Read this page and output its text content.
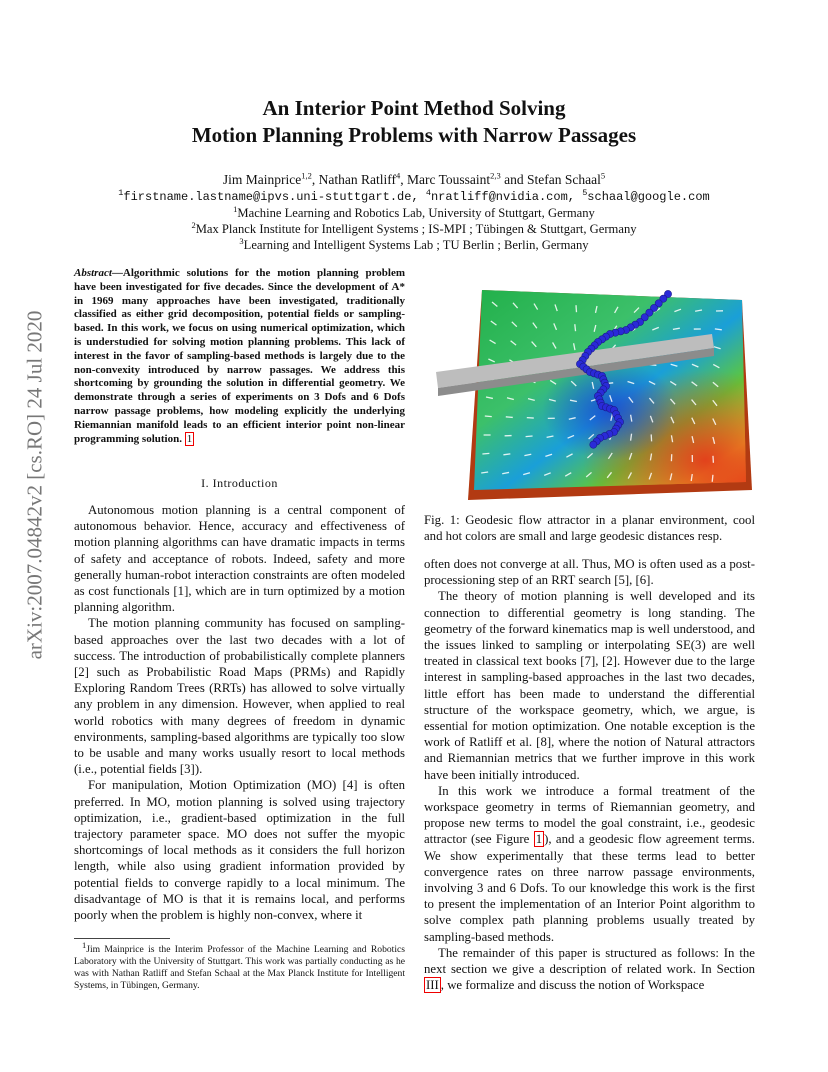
An Interior Point Method Solving
Motion Planning Problems with Narrow Passages
Jim Mainprice$^{1,2}$, Nathan Ratliff$^4$, Marc Toussaint$^{2,3}$ and Stefan Schaal$^5$
$^1$firstname.lastname@ipvs.uni-stuttgart.de, $^4$nratliff@nvidia.com, $^5$schaal@google.com
$^1$Machine Learning and Robotics Lab, University of Stuttgart, Germany
$^2$Max Planck Institute for Intelligent Systems ; IS-MPI ; Tübingen & Stuttgart, Germany
$^3$Learning and Intelligent Systems Lab ; TU Berlin ; Berlin, Germany
arXiv:2007.04842v2 [cs.RO] 24 Jul 2020
Abstract—Algorithmic solutions for the motion planning problem have been investigated for five decades. Since the development of A* in 1969 many approaches have been investigated, traditionally classified as either grid decomposition, potential fields or sampling-based. In this work, we focus on using numerical optimization, which is understudied for solving motion planning problems. This lack of interest in the favor of sampling-based methods is largely due to the non-convexity introduced by narrow passages. We address this shortcoming by grounding the solution in differential geometry. We demonstrate through a series of experiments on 3 Dofs and 6 Dofs narrow passage problems, how modeling explicitly the underlying Riemannian manifold leads to an efficient interior point non-linear programming solution. 1
I. Introduction

Autonomous motion planning is a central component of autonomous behavior. Hence, accuracy and effectiveness of motion planning algorithms can have dramatic impacts in terms of safety and acceptance of robots. Indeed, safety and more generally human-robot interaction constraints are often modeled as cost functionals [1], which are in turn optimized by a motion planning algorithm.

The motion planning community has focused on sampling-based approaches over the last two decades with a lot of success. The introduction of probabilistically complete planners [2] such as Probabilistic Road Maps (PRMs) and Rapidly Exploring Random Trees (RRTs) has allowed to solve virtually any problem in any dimension. However, when applied to real world robotics with many degrees of freedom in dynamic environments, sampling-based algorithms are typically too slow to be usable and many works usually resort to local methods (i.e., potential fields [3]).

For manipulation, Motion Optimization (MO) [4] is often preferred. In MO, motion planning is solved using trajectory optimization, i.e., gradient-based optimization in the full trajectory parameter space. MO does not suffer the myopic shortcomings of local methods as it considers the full horizon length, while also using gradient information provided by potential fields to converge rapidly to a local minimum. The disadvantage of MO is that it is remains local, and performs poorly when the problem is highly non-convex, where it

$^1$Jim Mainprice is the Interim Professor of the Machine Learning and Robotics Laboratory with the University of Stuttgart. This work was partially conducting as he was with Nathan Ratliff and Stefan Schaal at the Max Planck Institute for Intelligent Systems, in Tübingen, Germany.

Fig. 1: Geodesic flow attractor in a planar environment, cool and hot colors are small and large geodesic distances resp.

often does not converge at all. Thus, MO is often used as a post-processioning step of an RRT search [5], [6].

The theory of motion planning is well developed and its connection to differential geometry is long standing. The geometry of the forward kinematics map is well understood, and the issues linked to sampling or interpolating SE(3) are well treated in classical text books [7], [2]. However due to the large interest in sampling-based approaches in the last two decades, little effort has been made to understand the differential structure of the workspace geometry, which, we argue, is essential for motion optimization. One notable exception is the work of Ratliff et al. [8], where the notion of Natural attractors and Riemannian metrics that we further improve in this work have been initially introduced.

In this work we introduce a formal treatment of the workspace geometry in terms of Riemannian geometry, and propose new terms to model the goal constraint, i.e., geodesic attractor (see Figure 1 ), and a geodesic flow agreement terms. We show experimentally that these terms lead to better convergence rates on three narrow passage environments, involving 3 and 6 Dofs. To our knowledge this work is the first to present the implementation of an Interior Point algorithm to solve complex path planning problems usually treated by sampling-based methods.

The remainder of this paper is structured as follows: In the next section we give a description of related work. In Section III , we formalize and discuss the notion of Workspace
